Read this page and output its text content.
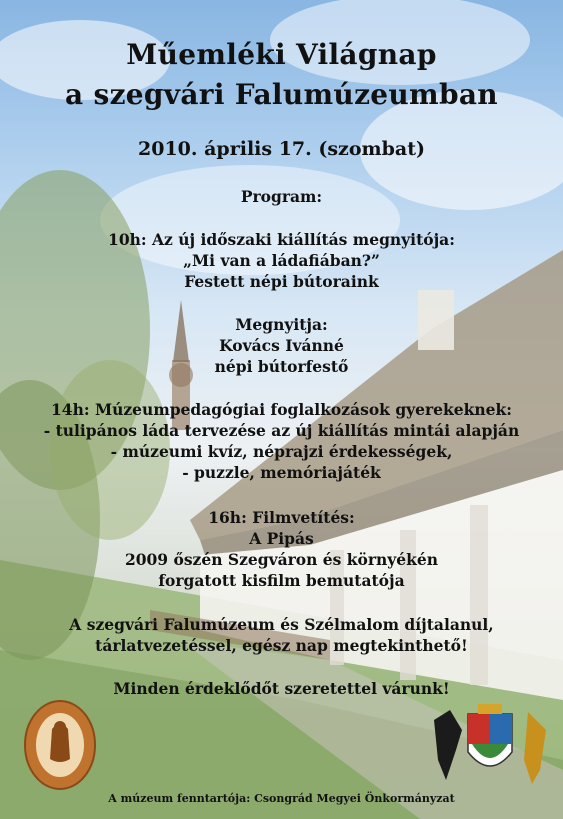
Műemléki Világnap
a szegvári Falumúzeumban
2010. április 17. (szombat)
Program:
10h: Az új időszaki kiállítás megnyitója:
„Mi van a ládafiában?”
Festett népi bútoraink
Megnyitja:
Kovács Ivánné
népi bútorfestő
14h: Múzeumpedagógiai foglalkozások gyerekeknek:
- tulipános láda tervezése az új kiállítás mintái alapján
- múzeumi kvíz, néprajzi érdekességek,
- puzzle, memóriajáték
16h: Filmvetítés:
A Pipás
2009 őszén Szegváron és környékén
forgatott kisfilm bemutatója
A szegvári Falumúzeum és Szélmalom díjtalanul,
tárlatvezetéssel, egész nap megtekinthető!
Minden érdeklődőt szeretettel várunk!
A múzeum fenntartója: Csongrád Megyei Önkormányzat
